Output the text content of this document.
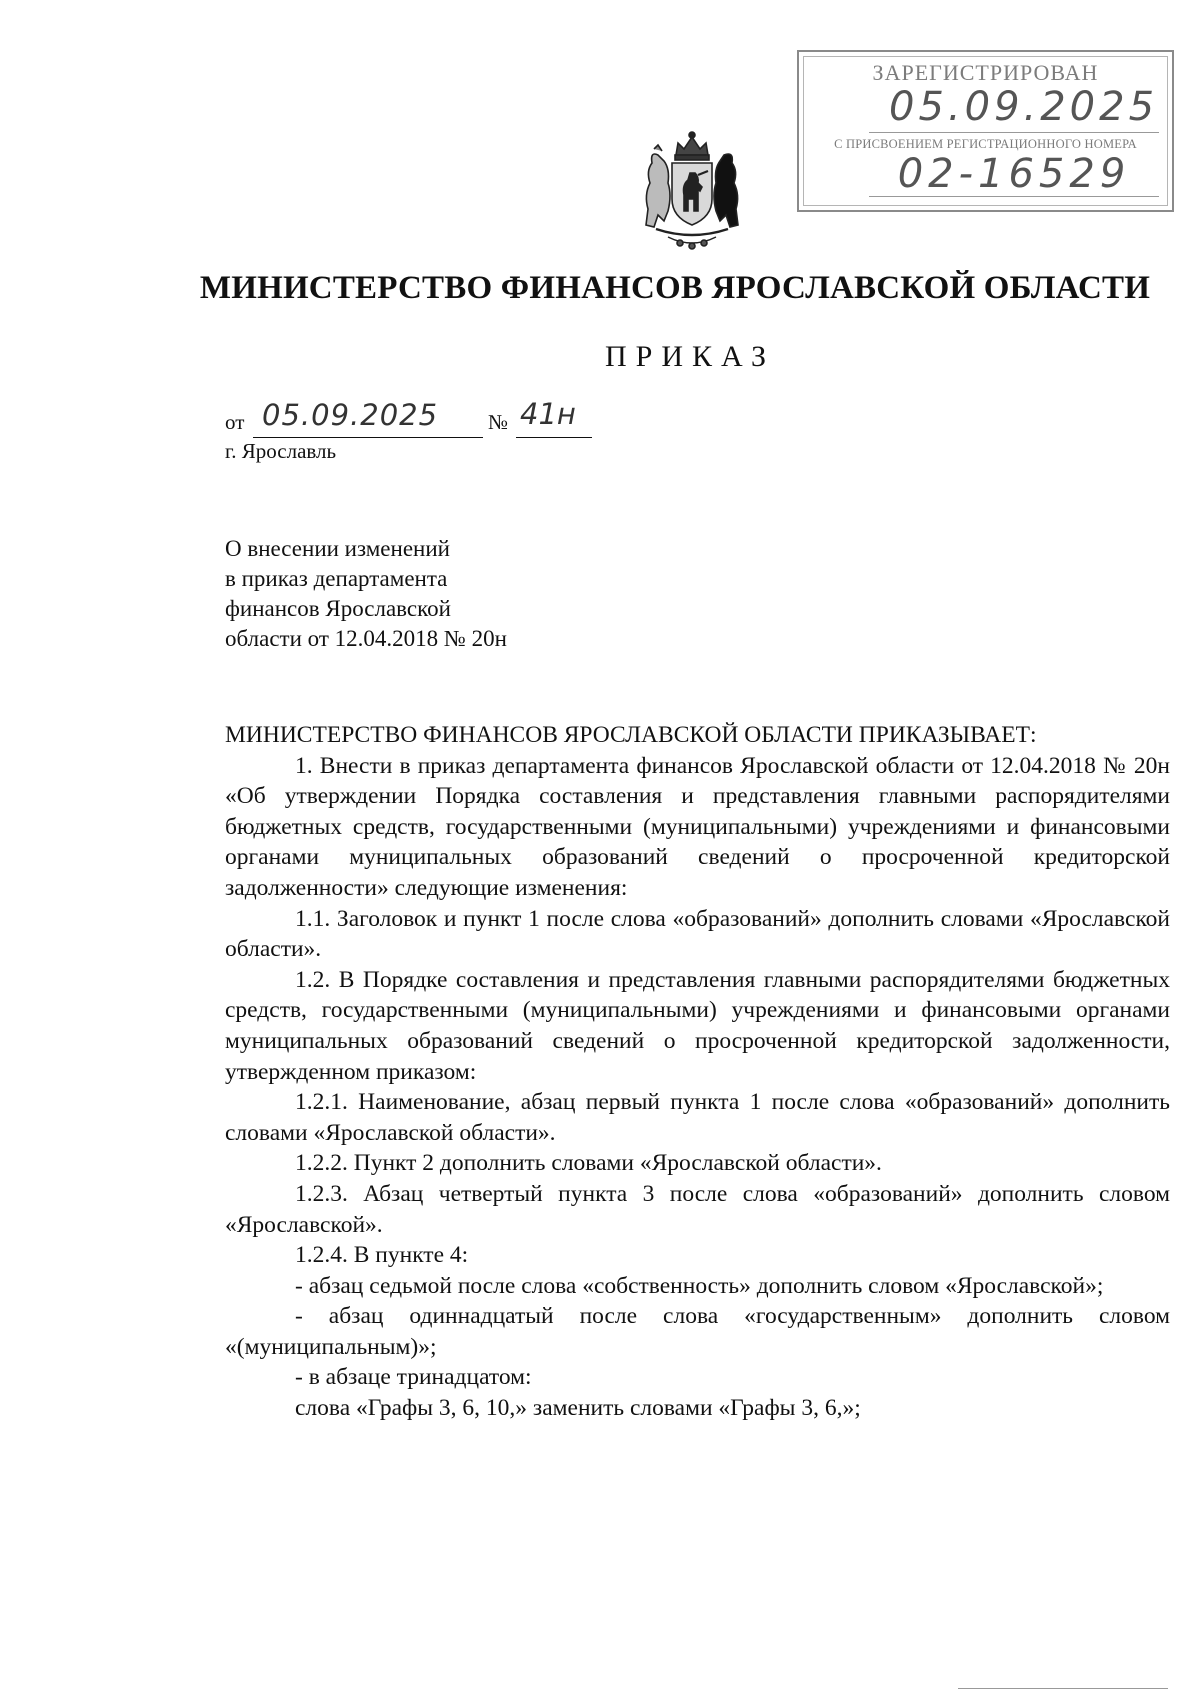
ЗАРЕГИСТРИРОВАН
05.09.2025
С ПРИСВОЕНИЕМ РЕГИСТРАЦИОННОГО НОМЕРА
02-16529
МИНИСТЕРСТВО ФИНАНСОВ ЯРОСЛАВСКОЙ ОБЛАСТИ
ПРИКАЗ
от 05.09.2025 № 41н
г. Ярославль
О внесении изменений
в приказ департамента
финансов Ярославской
области от 12.04.2018 № 20н

МИНИСТЕРСТВО ФИНАНСОВ ЯРОСЛАВСКОЙ ОБЛАСТИ ПРИКАЗЫВАЕТ:

1. Внести в приказ департамента финансов Ярославской области от 12.04.2018 № 20н «Об утверждении Порядка составления и представления главными распорядителями бюджетных средств, государственными (муниципальными) учреждениями и финансовыми органами муниципальных образований сведений о просроченной кредиторской задолженности» следующие изменения:

1.1. Заголовок и пункт 1 после слова «образований» дополнить словами «Ярославской области».

1.2. В Порядке составления и представления главными распорядителями бюджетных средств, государственными (муниципальными) учреждениями и финансовыми органами муниципальных образований сведений о просроченной кредиторской задолженности, утвержденном приказом:

1.2.1. Наименование, абзац первый пункта 1 после слова «образований» дополнить словами «Ярославской области».

1.2.2. Пункт 2 дополнить словами «Ярославской области».

1.2.3. Абзац четвертый пункта 3 после слова «образований» дополнить словом «Ярославской».

1.2.4. В пункте 4:

- абзац седьмой после слова «собственность» дополнить словом «Ярославской»;

- абзац одиннадцатый после слова «государственным» дополнить словом «(муниципальным)»;

- в абзаце тринадцатом:

слова «Графы 3, 6, 10,» заменить словами «Графы 3, 6,»;
